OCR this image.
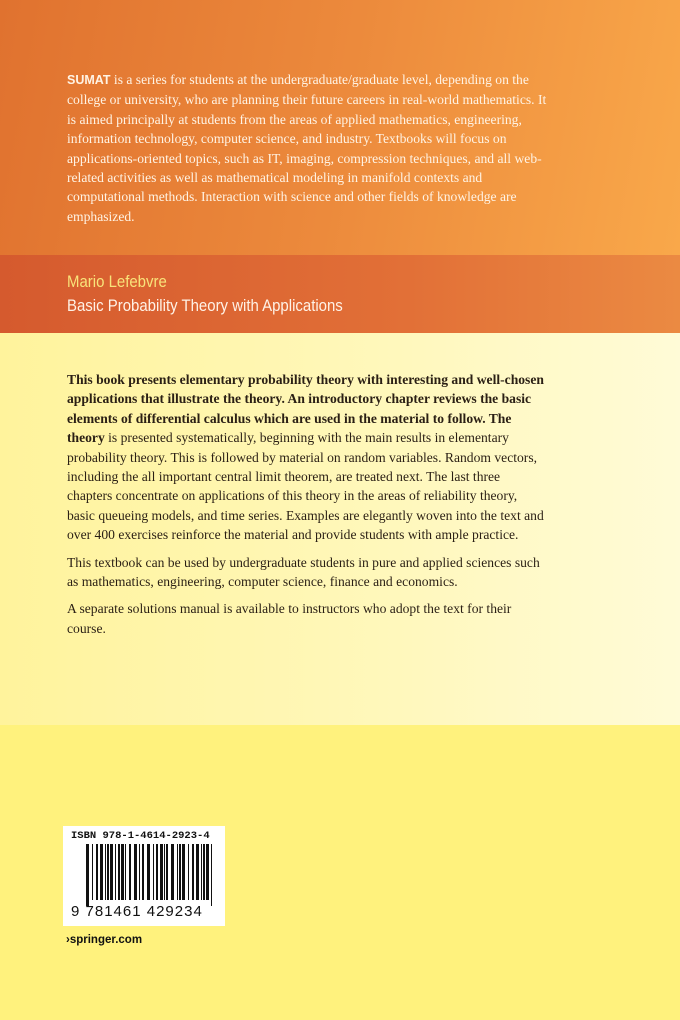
SUMAT is a series for students at the undergraduate/graduate level, depending on the college or university, who are planning their future careers in real-world mathematics. It is aimed principally at students from the areas of applied mathematics, engineering, information technology, computer science, and industry. Textbooks will focus on applications-oriented topics, such as IT, imaging, compression techniques, and all web-related activities as well as mathematical modeling in manifold contexts and computational methods. Interaction with science and other fields of knowledge are emphasized.
Mario Lefebvre
Basic Probability Theory with Applications

This book presents elementary probability theory with interesting and well-chosen applications that illustrate the theory. An introductory chapter reviews the basic elements of differential calculus which are used in the material to follow. The theory is presented systematically, beginning with the main results in elementary probability theory. This is followed by material on random variables. Random vectors, including the all important central limit theorem, are treated next. The last three chapters concentrate on applications of this theory in the areas of reliability theory, basic queueing models, and time series. Examples are elegantly woven into the text and over 400 exercises reinforce the material and provide students with ample practice.

This textbook can be used by undergraduate students in pure and applied sciences such as mathematics, engineering, computer science, finance and economics.

A separate solutions manual is available to instructors who adopt the text for their course.

ISBN 978-1-4614-2923-4
9 781461 429234
›springer.com
